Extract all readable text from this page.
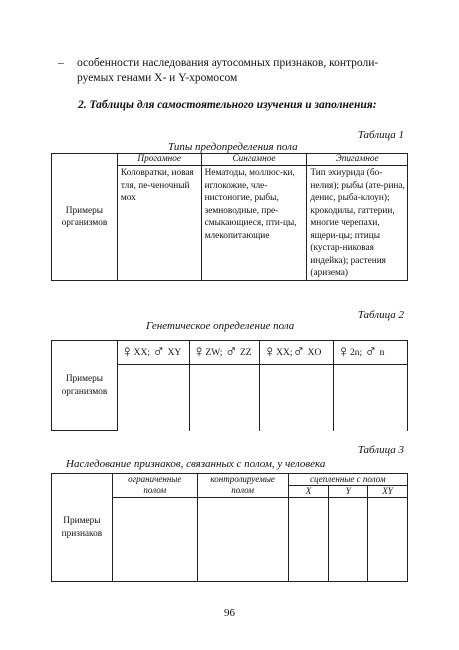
– особенности наследования аутосомных признаков, контроли-руемых генами Х- и Y-хромосом
2. Таблицы для самостоятельного изучения и заполнения:
Таблица 1
Типы предопределения пола
Примеры организмов	Прогамное	Сингамное	Эпигамное
	Коловратки, иовая тля, пе-ченочный мох	Нематоды, моллюс-ки, иглокожие, чле-нистоногие, рыбы, земноводные, пре-смыкающиеся, пти-цы, млекопитающие	Тип эхиурида (бо-нелия); рыбы (ате-рина, денис, рыба-клоун); крокодилы, гаттерии, многие черепахи, ящери-цы; птицы (кустар-никовая индейка); растения (аризема)
Таблица 2
Генетическое определение пола
Примеры организмов	♀XX; ♂ XY	♀ZW; ♂ ZZ	♀XX;♂ XO	♀2n; ♂ n

Таблица 3
Наследование признаков, связанных с полом, у человека
Примеры признаков	ограниченные полом	контролируемые полом	сцепленные с полом		
			X	Y	XY

96
